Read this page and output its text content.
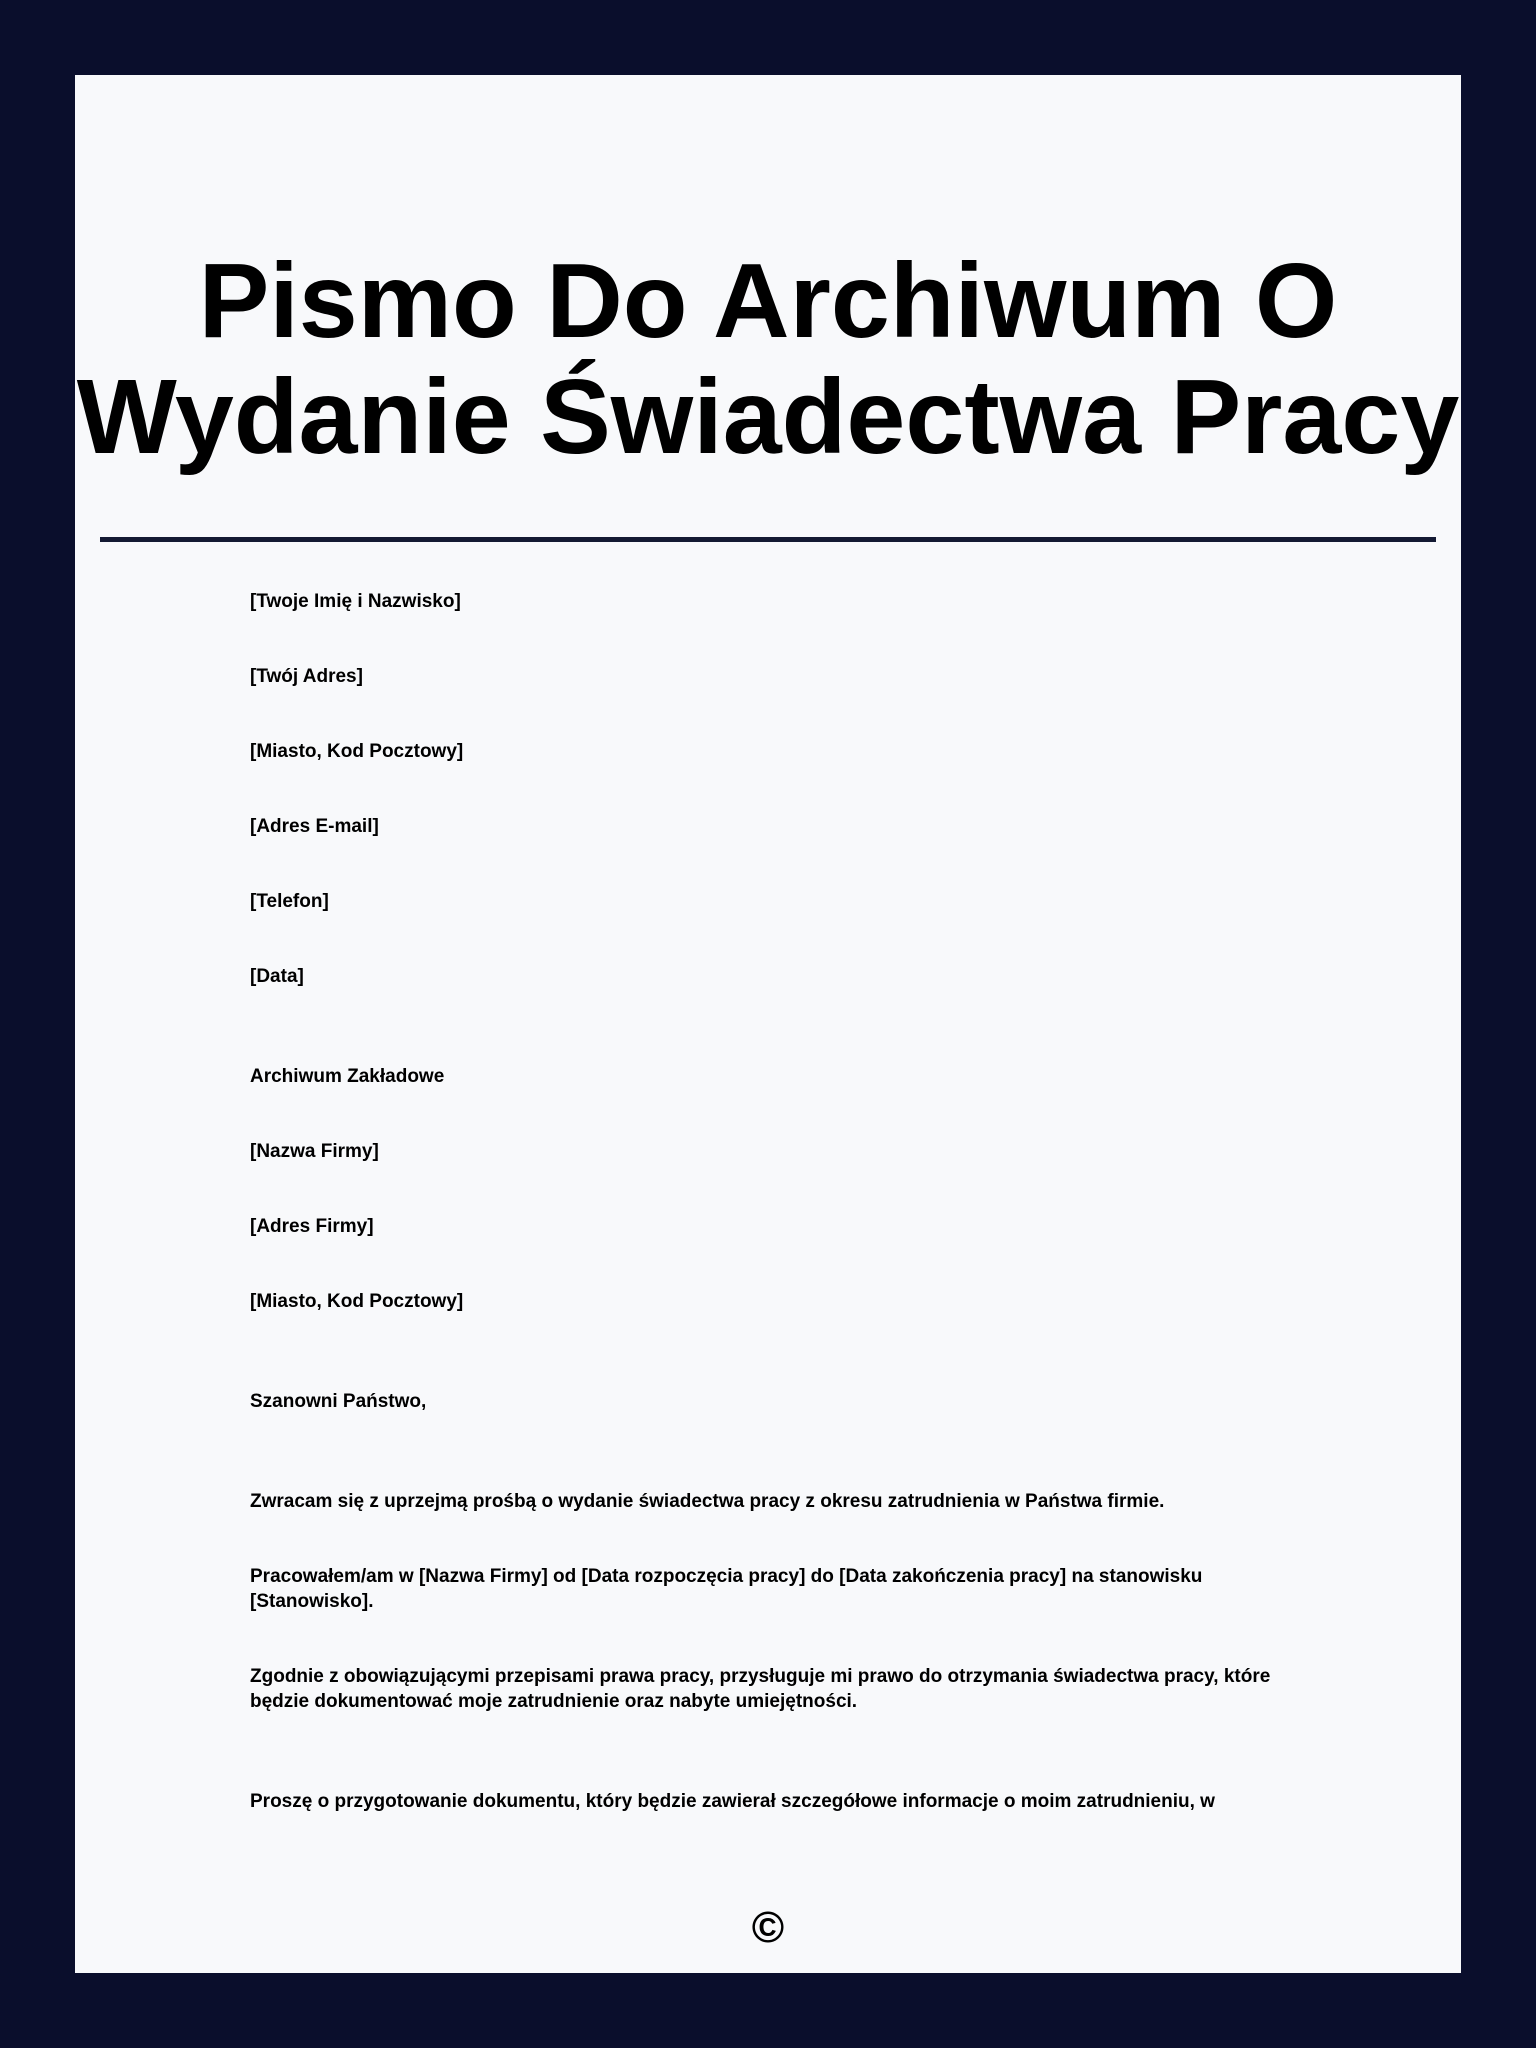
Pismo Do Archiwum O
Wydanie Świadectwa Pracy
[Twoje Imię i Nazwisko]
[Twój Adres]
[Miasto, Kod Pocztowy]
[Adres E-mail]
[Telefon]
[Data]
Archiwum Zakładowe
[Nazwa Firmy]
[Adres Firmy]
[Miasto, Kod Pocztowy]
Szanowni Państwo,
Zwracam się z uprzejmą prośbą o wydanie świadectwa pracy z okresu zatrudnienia w Państwa firmie.
Pracowałem/am w [Nazwa Firmy] od [Data rozpoczęcia pracy] do [Data zakończenia pracy] na stanowisku [Stanowisko].
Zgodnie z obowiązującymi przepisami prawa pracy, przysługuje mi prawo do otrzymania świadectwa pracy, które będzie dokumentować moje zatrudnienie oraz nabyte umiejętności.
Proszę o przygotowanie dokumentu, który będzie zawierał szczegółowe informacje o moim zatrudnieniu, w
©
